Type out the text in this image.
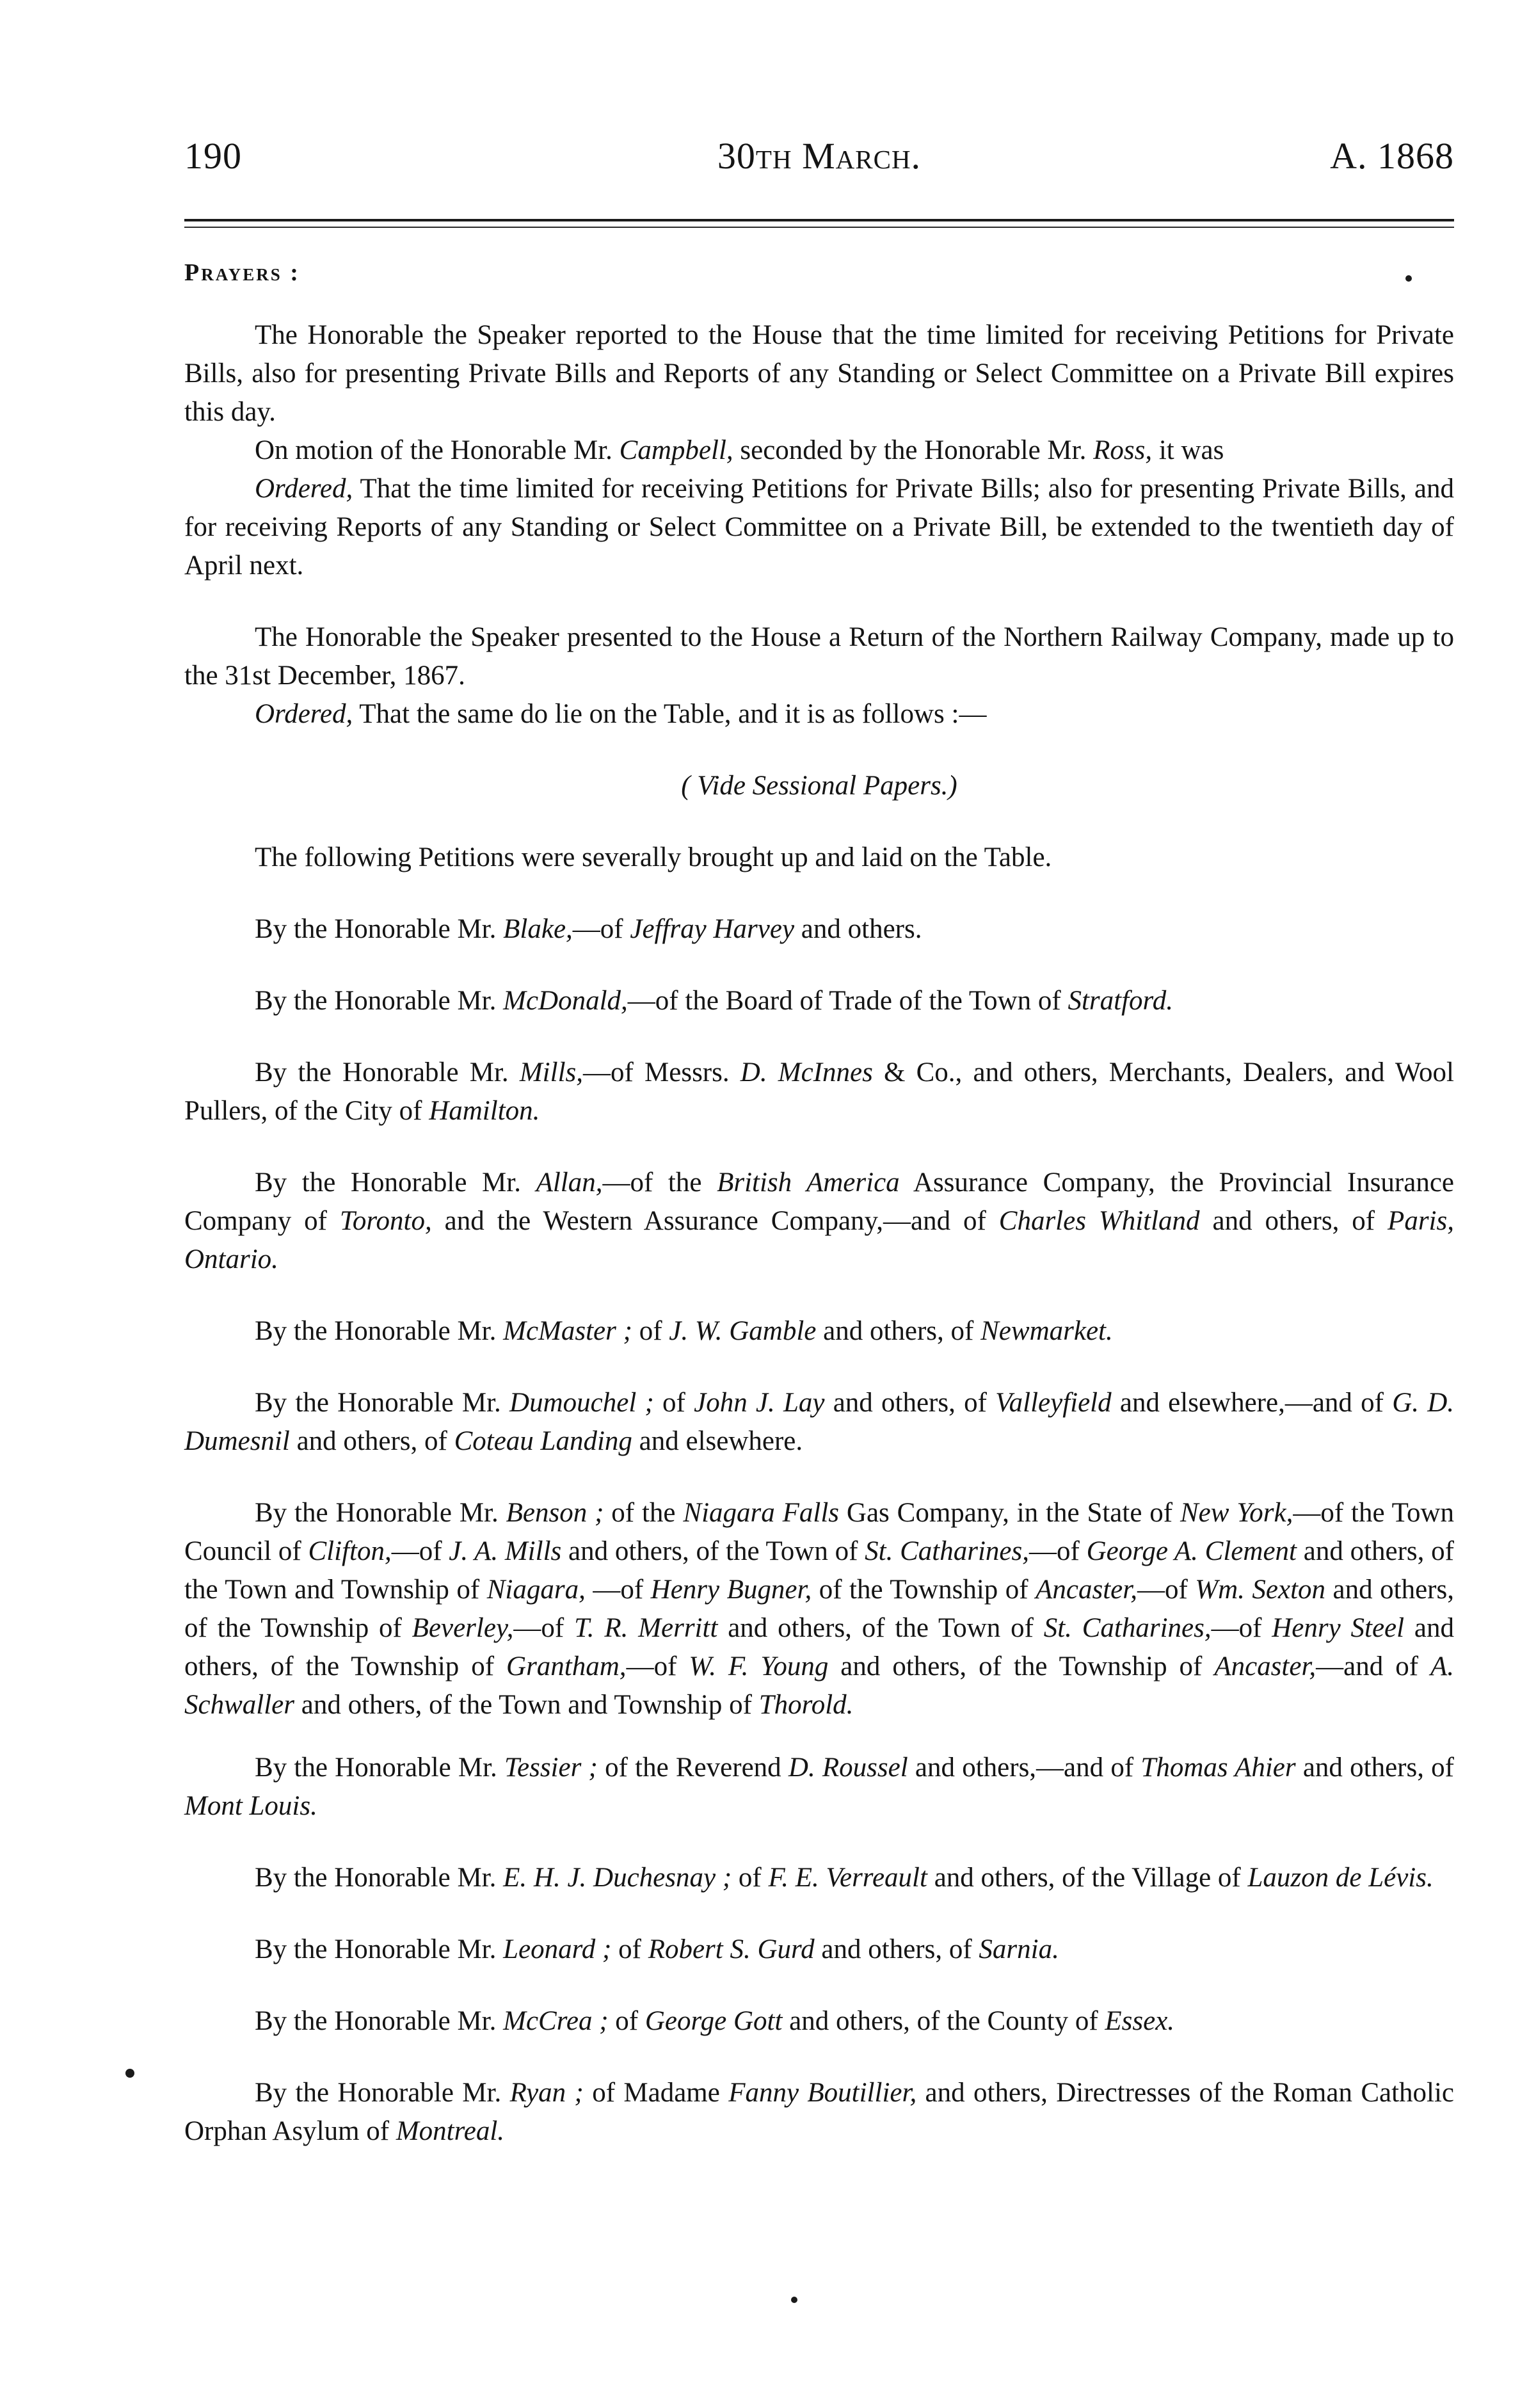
190	30th March.	A. 1868
Prayers :

The Honorable the Speaker reported to the House that the time limited for receiving Petitions for Private Bills, also for presenting Private Bills and Reports of any Standing or Select Committee on a Private Bill expires this day.

On motion of the Honorable Mr. Campbell, seconded by the Honorable Mr. Ross, it was

Ordered, That the time limited for receiving Petitions for Private Bills; also for presenting Private Bills, and for receiving Reports of any Standing or Select Committee on a Private Bill, be extended to the twentieth day of April next.

The Honorable the Speaker presented to the House a Return of the Northern Railway Company, made up to the 31st December, 1867.

Ordered, That the same do lie on the Table, and it is as follows :—

( Vide Sessional Papers.)

The following Petitions were severally brought up and laid on the Table.

By the Honorable Mr. Blake,—of Jeffray Harvey and others.

By the Honorable Mr. McDonald,—of the Board of Trade of the Town of Stratford.

By the Honorable Mr. Mills,—of Messrs. D. McInnes & Co., and others, Merchants, Dealers, and Wool Pullers, of the City of Hamilton.

By the Honorable Mr. Allan,—of the British America Assurance Company, the Provincial Insurance Company of Toronto, and the Western Assurance Company,—and of Charles Whitland and others, of Paris, Ontario.

By the Honorable Mr. McMaster ; of J. W. Gamble and others, of Newmarket.

By the Honorable Mr. Dumouchel ; of John J. Lay and others, of Valleyfield and elsewhere,—and of G. D. Dumesnil and others, of Coteau Landing and elsewhere.

By the Honorable Mr. Benson ; of the Niagara Falls Gas Company, in the State of New York,—of the Town Council of Clifton,—of J. A. Mills and others, of the Town of St. Catharines,—of George A. Clement and others, of the Town and Township of Niagara, —of Henry Bugner, of the Township of Ancaster,—of Wm. Sexton and others, of the Township of Beverley,—of T. R. Merritt and others, of the Town of St. Catharines,—of Henry Steel and others, of the Township of Grantham,—of W. F. Young and others, of the Township of Ancaster,—and of A. Schwaller and others, of the Town and Township of Thorold.

By the Honorable Mr. Tessier ; of the Reverend D. Roussel and others,—and of Thomas Ahier and others, of Mont Louis.

By the Honorable Mr. E. H. J. Duchesnay ; of F. E. Verreault and others, of the Village of Lauzon de Lévis.

By the Honorable Mr. Leonard ; of Robert S. Gurd and others, of Sarnia.

By the Honorable Mr. McCrea ; of George Gott and others, of the County of Essex.

By the Honorable Mr. Ryan ; of Madame Fanny Boutillier, and others, Directresses of the Roman Catholic Orphan Asylum of Montreal.
